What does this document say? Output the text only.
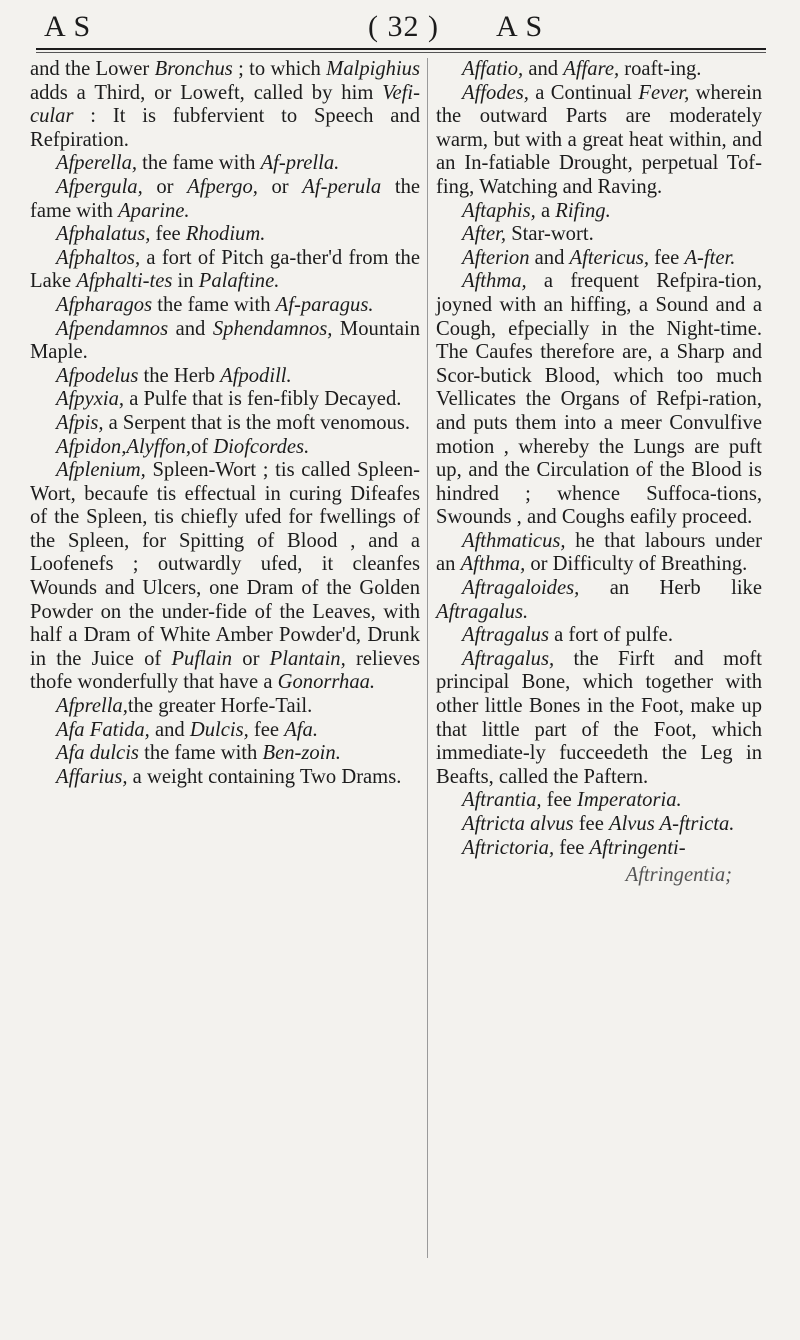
A S	( 32 ) A S

and the Lower Bronchus ; to which Malpighius adds a Third, or Loweft, called by him Vefi-cular : It is fubfervient to Speech and Refpiration.

Afperella, the fame with Af-prella.

Afpergula, or Afpergo, or Af-perula the fame with Aparine.

Afphalatus, fee Rhodium.

Afphaltos, a fort of Pitch ga-ther'd from the Lake Afphalti-tes in Palaftine.

Afpharagos the fame with Af-paragus.

Afpendamnos and Sphendamnos, Mountain Maple.

Afpodelus the Herb Afpodill.

Afpyxia, a Pulfe that is fen-fibly Decayed.

Afpis, a Serpent that is the moft venomous.

Afpidon,Alyffon,of Diofcordes.

Afplenium, Spleen-Wort ; tis called Spleen-Wort, becaufe tis effectual in curing Difeafes of the Spleen, tis chiefly ufed for fwellings of the Spleen, for Spitting of Blood , and a Loofenefs ; outwardly ufed, it cleanfes Wounds and Ulcers, one Dram of the Golden Powder on the under-fide of the Leaves, with half a Dram of White Amber Powder'd, Drunk in the Juice of Puflain or Plantain, relieves thofe wonderfully that have a Gonorrhaa.

Afprella,the greater Horfe-Tail.

Afa Fatida, and Dulcis, fee Afa.

Afa dulcis the fame with Ben-zoin.

Affarius, a weight containing Two Drams.

Affatio, and Affare, roaft-ing.

Affodes, a Continual Fever, wherein the outward Parts are moderately warm, but with a great heat within, and an In-fatiable Drought, perpetual Tof-fing, Watching and Raving.

Aftaphis, a Rifing.

After, Star-wort.

Afterion and Aftericus, fee A-fter.

Afthma, a frequent Refpira-tion, joyned with an hiffing, a Sound and a Cough, efpecially in the Night-time. The Caufes therefore are, a Sharp and Scor-butick Blood, which too much Vellicates the Organs of Refpi-ration, and puts them into a meer Convulfive motion , whereby the Lungs are puft up, and the Circulation of the Blood is hindred ; whence Suffoca-tions, Swounds , and Coughs eafily proceed.

Afthmaticus, he that labours under an Afthma, or Difficulty of Breathing.

Aftragaloides, an Herb like Aftragalus.

Aftragalus a fort of pulfe.

Aftragalus, the Firft and moft principal Bone, which together with other little Bones in the Foot, make up that little part of the Foot, which immediate-ly fucceedeth the Leg in Beafts, called the Paftern.

Aftrantia, fee Imperatoria.

Aftricta alvus fee Alvus A-ftricta.

Aftrictoria, fee Aftringenti-

Aftringentia;
